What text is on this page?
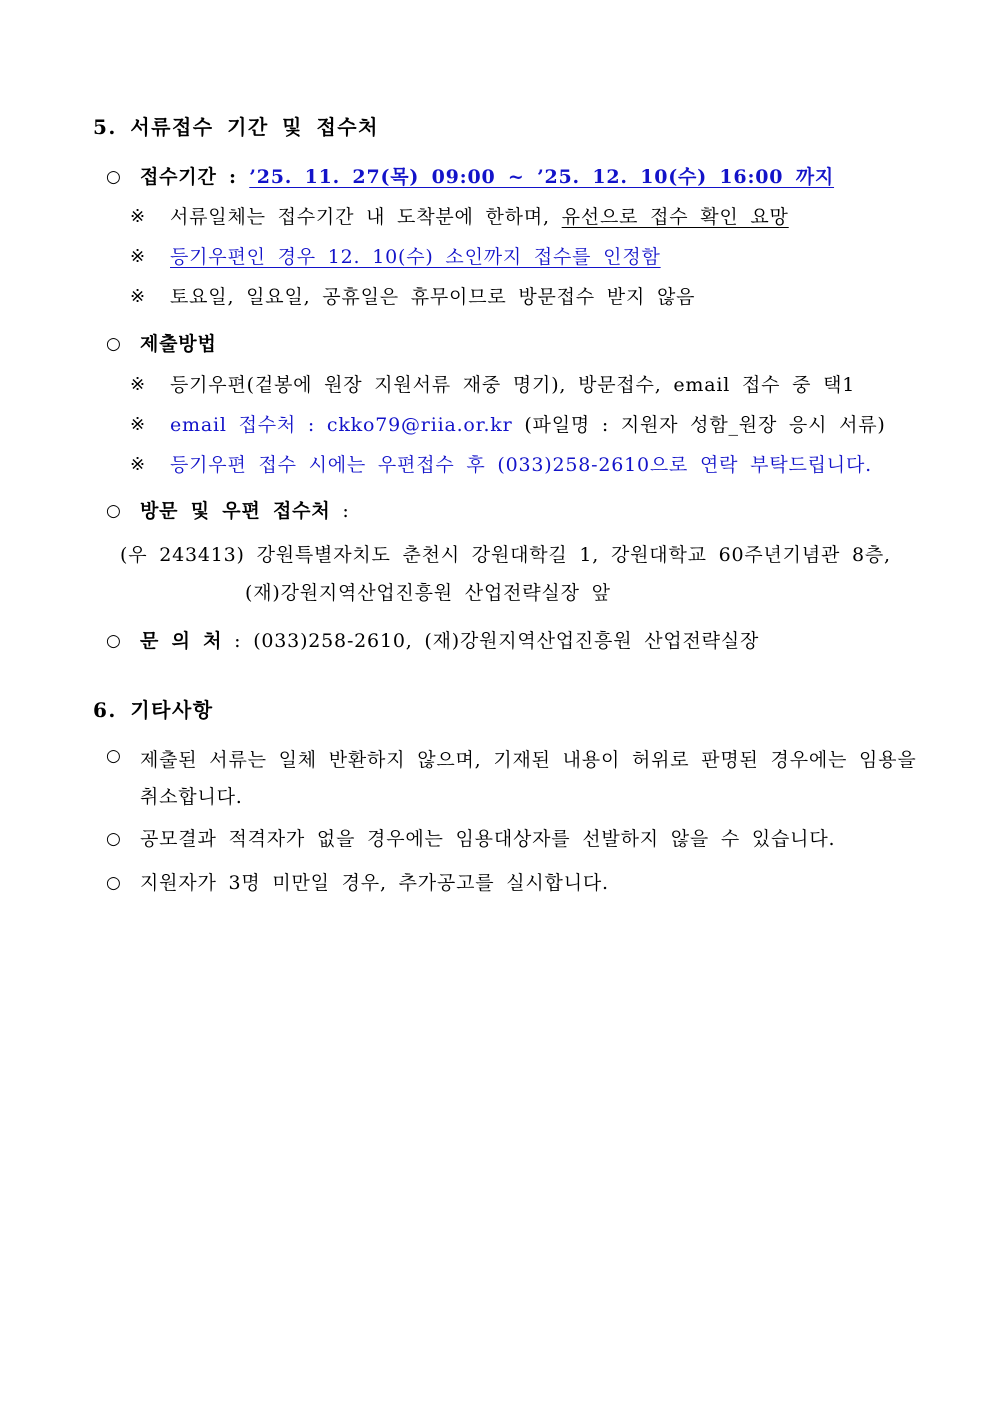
5. 서류접수 기간 및 접수처
○ 접수기간 : ’25. 11. 27(목) 09:00 ~ ’25. 12. 10(수) 16:00 까지
※	서류일체는 접수기간 내 도착분에 한하며, 유선으로 접수 확인 요망
※	등기우편인 경우 12. 10(수) 소인까지 접수를 인정함
※	토요일, 일요일, 공휴일은 휴무이므로 방문접수 받지 않음
○ 제출방법
※	등기우편(겉봉에 원장 지원서류 재중 명기), 방문접수, email 접수 중 택1
※	email 접수처 : ckko79@riia.or.kr (파일명 : 지원자 성함_원장 응시 서류)
※	등기우편 접수 시에는 우편접수 후 (033)258-2610으로 연락 부탁드립니다.
○ 방문 및 우편 접수처 :
(우 243413) 강원특별자치도 춘천시 강원대학길 1, 강원대학교 60주년기념관 8층,
(재)강원지역산업진흥원 산업전략실장 앞
○ 문 의 처 : (033)258-2610, (재)강원지역산업진흥원 산업전략실장
6. 기타사항
○ 제출된 서류는 일체 반환하지 않으며, 기재된 내용이 허위로 판명된 경우에는 임용을 취소합니다.
○ 공모결과 적격자가 없을 경우에는 임용대상자를 선발하지 않을 수 있습니다.
○ 지원자가 3명 미만일 경우, 추가공고를 실시합니다.
